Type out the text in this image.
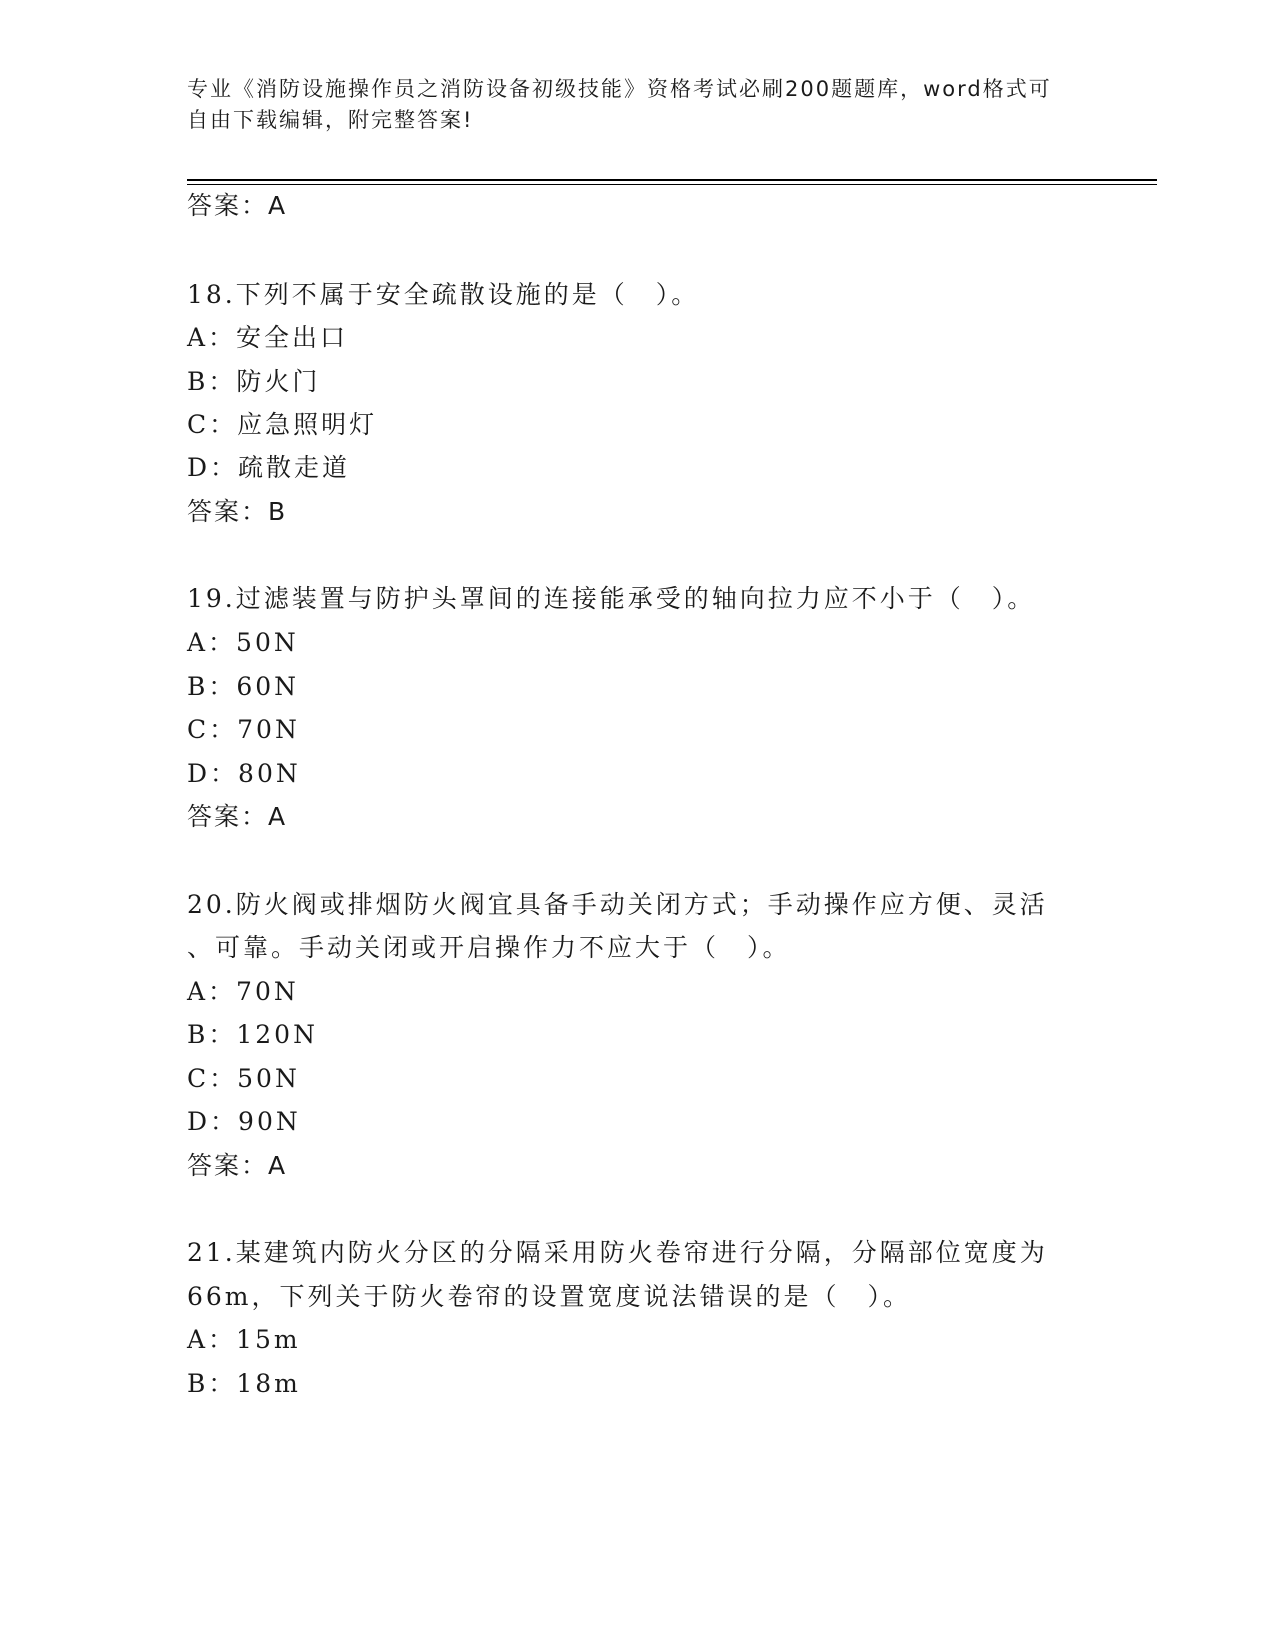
专业《消防设施操作员之消防设备初级技能》资格考试必刷200题题库，word格式可自由下载编辑，附完整答案!
答案：A
18.下列不属于安全疏散设施的是（　）。
A：安全出口
B：防火门
C：应急照明灯
D：疏散走道
答案：B
19.过滤装置与防护头罩间的连接能承受的轴向拉力应不小于（　）。
A：50N
B：60N
C：70N
D：80N
答案：A
20.防火阀或排烟防火阀宜具备手动关闭方式；手动操作应方便、灵活
、可靠。手动关闭或开启操作力不应大于（　）。
A：70N
B：120N
C：50N
D：90N
答案：A
21.某建筑内防火分区的分隔采用防火卷帘进行分隔，分隔部位宽度为
66m，下列关于防火卷帘的设置宽度说法错误的是（　）。
A：15m
B：18m
